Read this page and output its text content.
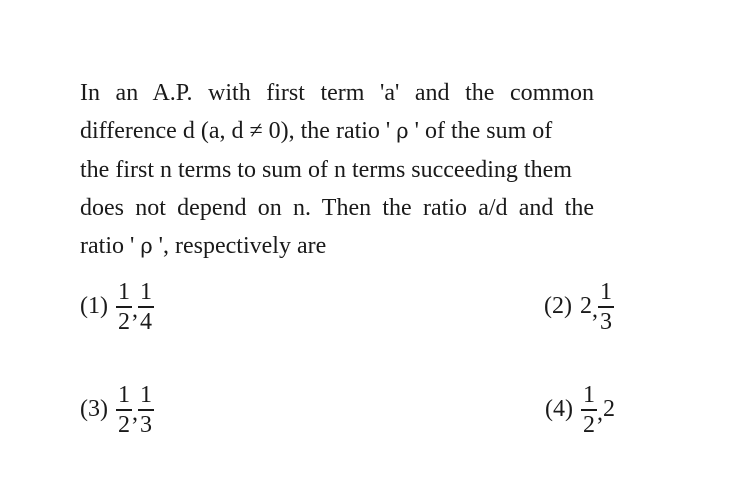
In an A.P. with first term 'a' and the common
difference d (a, d ≠ 0), the ratio ' ρ ' of the sum of
the first n terms to sum of n terms succeeding them
does not depend on n. Then the ratio a/d and the
ratio ' ρ ', respectively are
$(1) \frac{1}{2}$ , $\frac{1}{4}$	(2) 2 , $\frac{1}{3}$
$(3) \frac{1}{2}$ , $\frac{1}{3}$	$(4) \frac{1}{2}$ , 2
